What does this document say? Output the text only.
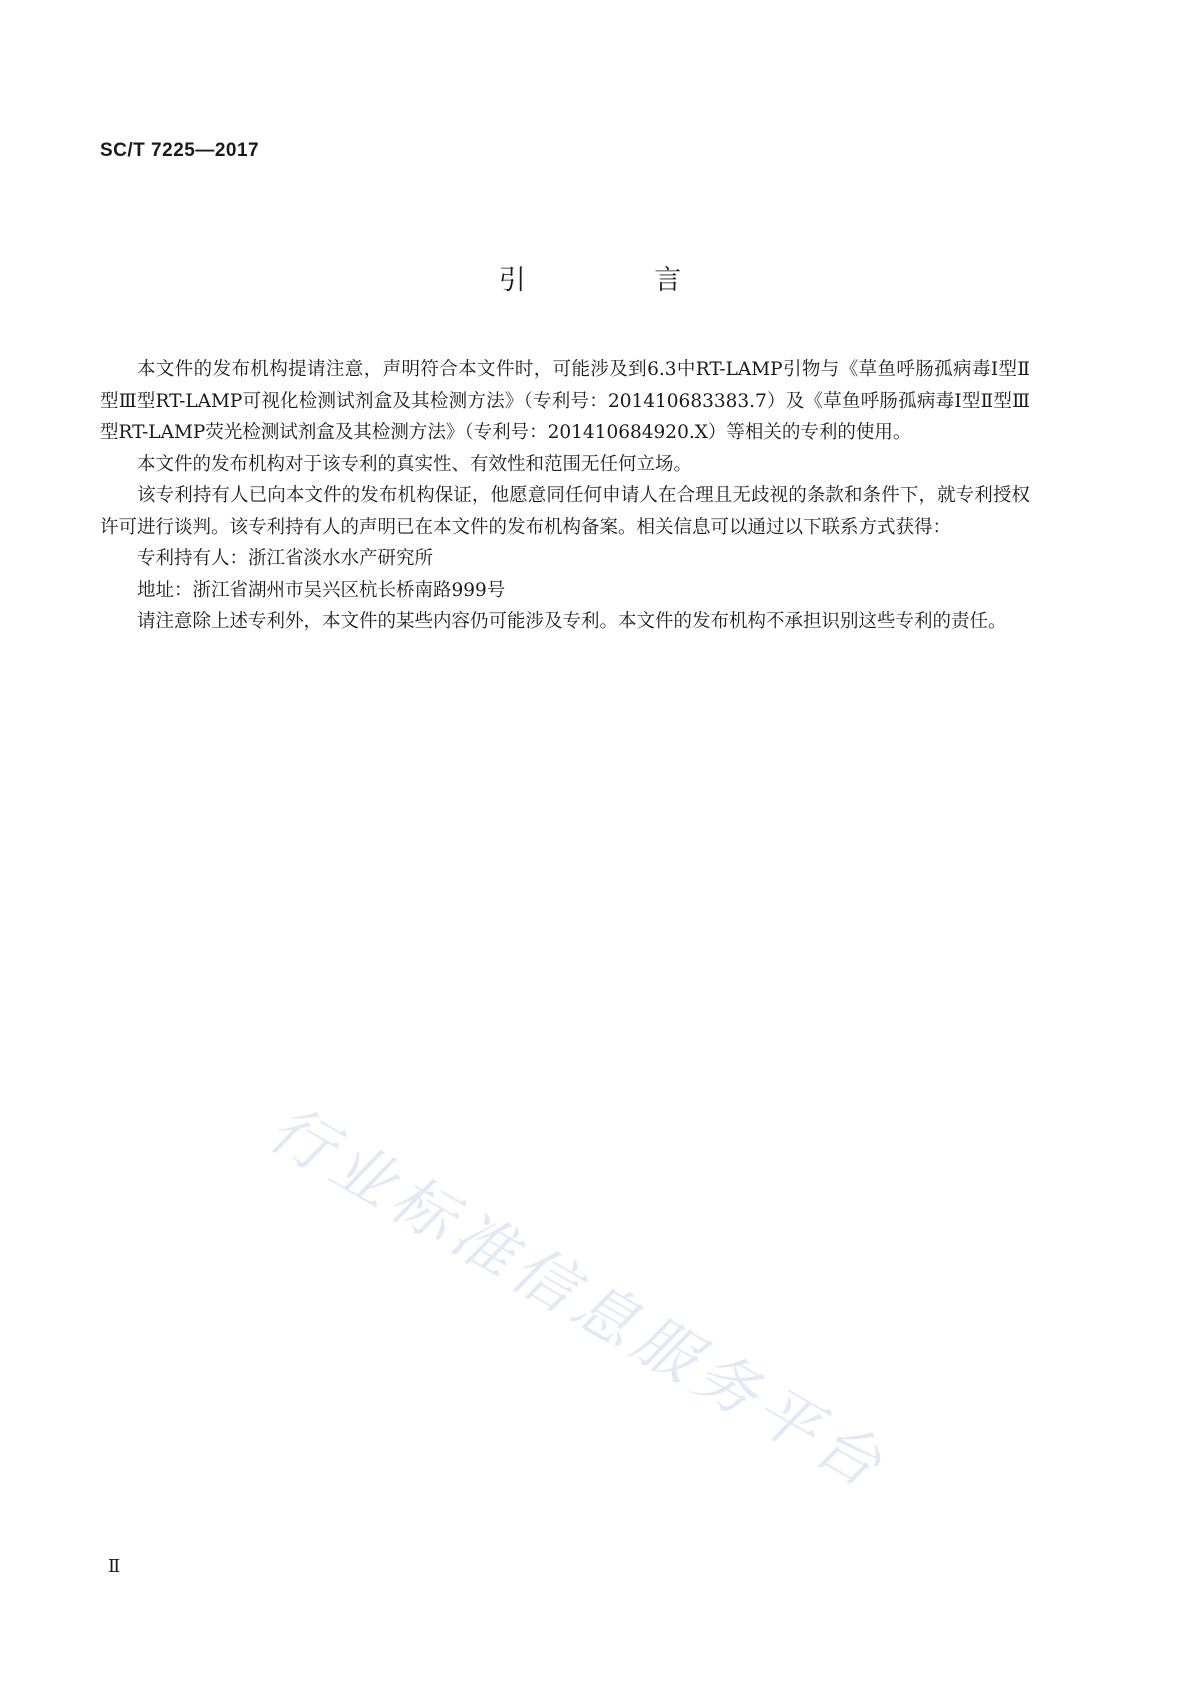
SC/T 7225—2017
引 言

本文件的发布机构提请注意，声明符合本文件时，可能涉及到6.3中RT-LAMP引物与《草鱼呼肠孤病毒Ⅰ型Ⅱ型Ⅲ型RT-LAMP可视化检测试剂盒及其检测方法》（专利号：201410683383.7）及《草鱼呼肠孤病毒Ⅰ型Ⅱ型Ⅲ型RT-LAMP荧光检测试剂盒及其检测方法》（专利号：201410684920.X）等相关的专利的使用。

本文件的发布机构对于该专利的真实性、有效性和范围无任何立场。

该专利持有人已向本文件的发布机构保证，他愿意同任何申请人在合理且无歧视的条款和条件下，就专利授权许可进行谈判。该专利持有人的声明已在本文件的发布机构备案。相关信息可以通过以下联系方式获得：

专利持有人：浙江省淡水水产研究所

地址：浙江省湖州市吴兴区杭长桥南路999号

请注意除上述专利外，本文件的某些内容仍可能涉及专利。本文件的发布机构不承担识别这些专利的责任。

行业标准信息服务平台
Ⅱ
